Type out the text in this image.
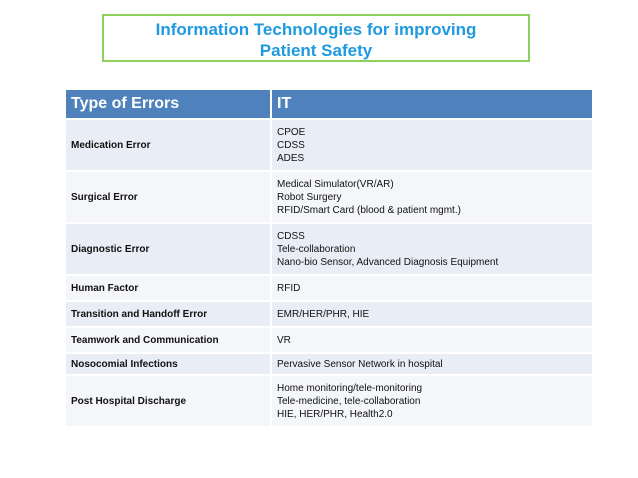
Information Technologies for improving
Patient Safety
Type of Errors	IT
Medication Error	CPOE
CDSS
ADES

Surgical Error	Medical Simulator(VR/AR)
Robot Surgery
RFID/Smart Card (blood & patient mgmt.)

Diagnostic Error	CDSS
Tele-collaboration
Nano-bio Sensor, Advanced Diagnosis Equipment

Human Factor	RFID

Transition and Handoff Error	EMR/HER/PHR, HIE

Teamwork and Communication	VR

Nosocomial Infections	Pervasive Sensor Network in hospital

Post Hospital Discharge	Home monitoring/tele-monitoring
Tele-medicine, tele-collaboration
HIE, HER/PHR, Health2.0
